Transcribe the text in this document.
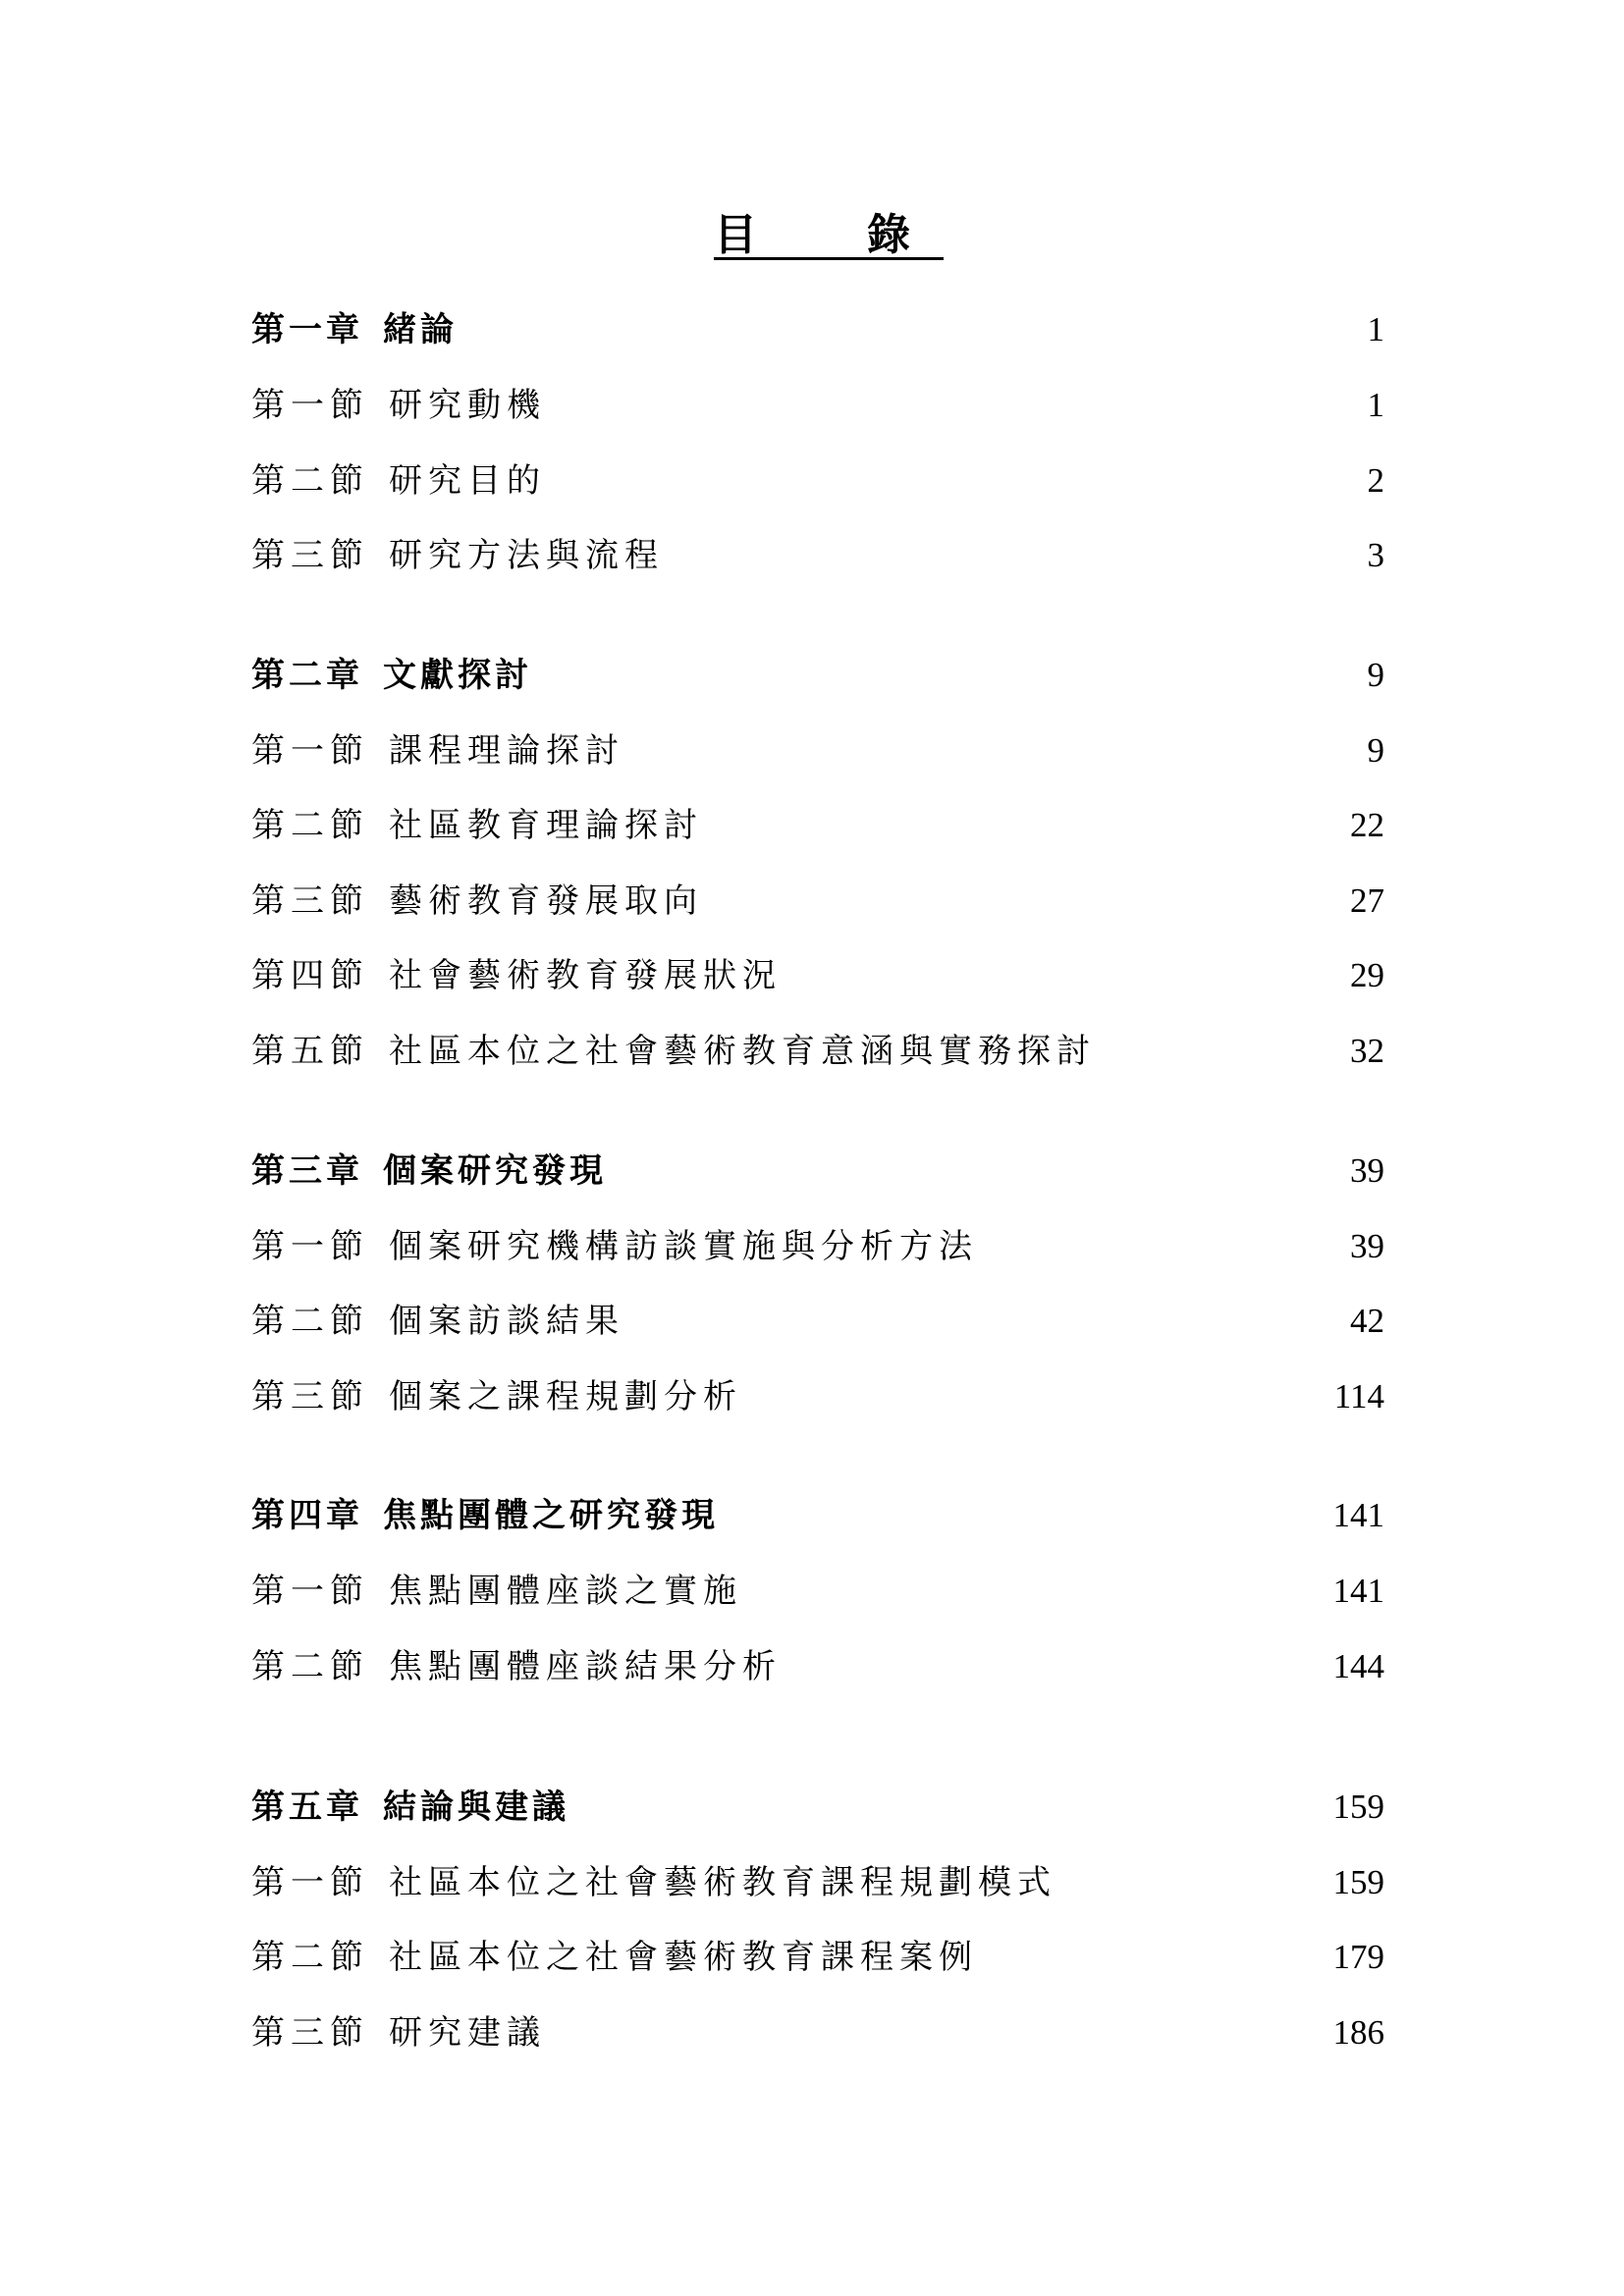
目　錄
第一章 緒論	1
第一節 研究動機	1
第二節 研究目的	2
第三節 研究方法與流程	3
第二章 文獻探討	9
第一節 課程理論探討	9
第二節 社區教育理論探討	22
第三節 藝術教育發展取向	27
第四節 社會藝術教育發展狀況	29
第五節 社區本位之社會藝術教育意涵與實務探討	32
第三章 個案研究發現	39
第一節 個案研究機構訪談實施與分析方法	39
第二節 個案訪談結果	42
第三節 個案之課程規劃分析	114
第四章 焦點團體之研究發現	141
第一節 焦點團體座談之實施	141
第二節 焦點團體座談結果分析	144
第五章 結論與建議	159
第一節 社區本位之社會藝術教育課程規劃模式	159
第二節 社區本位之社會藝術教育課程案例	179
第三節 研究建議	186
